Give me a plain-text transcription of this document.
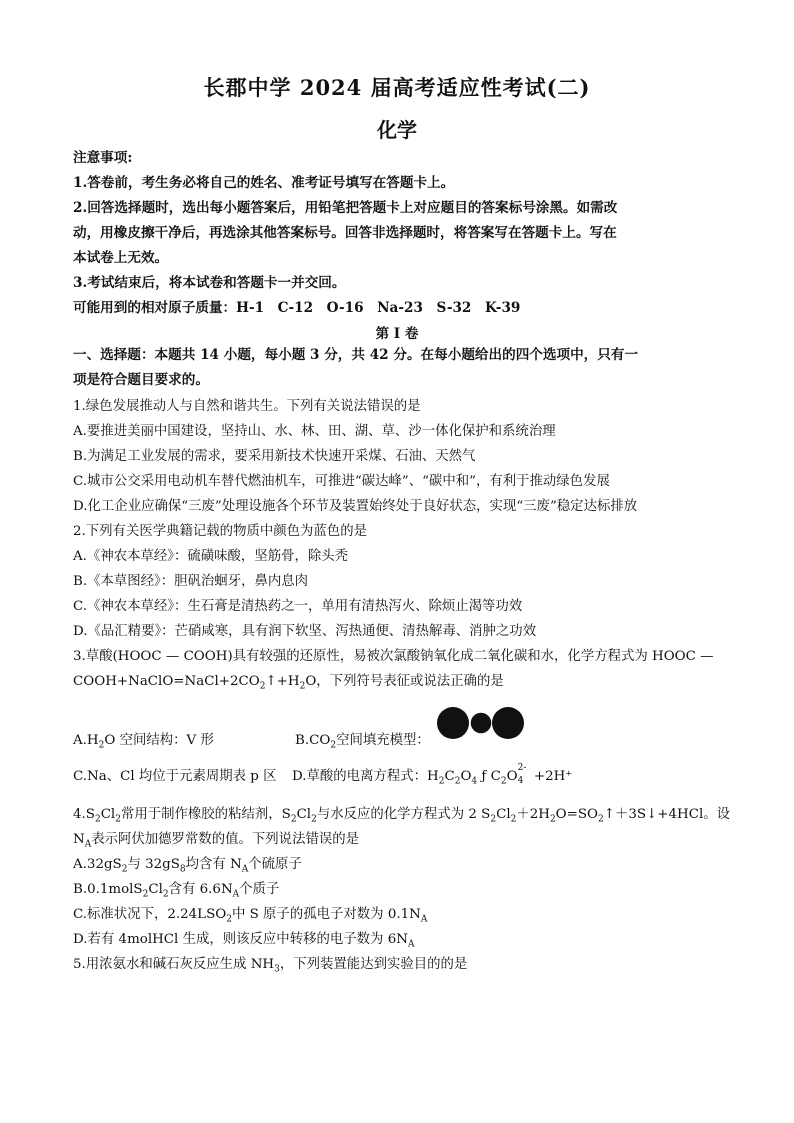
长郡中学 2024 届高考适应性考试(二)
化学
注意事项:
1.答卷前，考生务必将自己的姓名、准考证号填写在答题卡上。
2.回答选择题时，选出每小题答案后，用铅笔把答题卡上对应题目的答案标号涂黑。如需改
动，用橡皮擦干净后，再选涂其他答案标号。回答非选择题时，将答案写在答题卡上。写在
本试卷上无效。
3.考试结束后，将本试卷和答题卡一并交回。
可能用到的相对原子质量：H-1　C-12　O-16　Na-23　S-32　K-39
第 I 卷
一、选择题：本题共 14 小题，每小题 3 分，共 42 分。在每小题给出的四个选项中，只有一
项是符合题目要求的。
1.绿色发展推动人与自然和谐共生。下列有关说法错误的是
A.要推进美丽中国建设，坚持山、水、林、田、湖、草、沙一体化保护和系统治理
B.为满足工业发展的需求，要采用新技术快速开采煤、石油、天然气
C.城市公交采用电动机车替代燃油机车，可推进“碳达峰”、“碳中和”，有利于推动绿色发展
D.化工企业应确保“三废”处理设施各个环节及装置始终处于良好状态，实现“三废”稳定达标排放
2.下列有关医学典籍记载的物质中颜色为蓝色的是
A.《神农本草经》：硫磺味酸，坚筋骨，除头秃
B.《本草图经》：胆矾治蛔牙，鼻内息肉
C.《神农本草经》：生石膏是清热药之一，单用有清热泻火、除烦止渴等功效
D.《品汇精要》：芒硝咸寒，具有润下软坚、泻热通便、清热解毒、消肿之功效
3.草酸(HOOC — COOH)具有较强的还原性，易被次氯酸钠氧化成二氧化碳和水，化学方程式为 HOOC —
$COOH+NaClO=NaCl+2CO_2↑+H_2O$，下列符号表征或说法正确的是
$A.H_2O$ 空间结构：V 形	$B.CO_2$空间填充模型：
C.Na、Cl 均位于元素周期表 p 区 D.草酸的电离方程式：$H_2C_2O_4$ ƒ $C_2O$
2-
4 +2H⁺
$4.S_2Cl_2$常用于制作橡胶的粘结剂，$S_2Cl_2$与水反应的化学方程式为 2 $S_2Cl_2+2H_2O=SO_2↑+3S↓+4HCl$。设
$N_A$表示阿伏加德罗常数的值。下列说法错误的是
$A.32gS_2$与 $32gS_8$均含有 $N_A$个硫原子
$B.0.1molS_2Cl_2$含有 $6.6N_A$个质子
C.标准状况下，$2.24LSO_2$中 S 原子的孤电子对数为 $0.1N_A$
D.若有 4molHCl 生成，则该反应中转移的电子数为 $6N_A$
5.用浓氨水和碱石灰反应生成 $NH_3$，下列装置能达到实验目的的是
